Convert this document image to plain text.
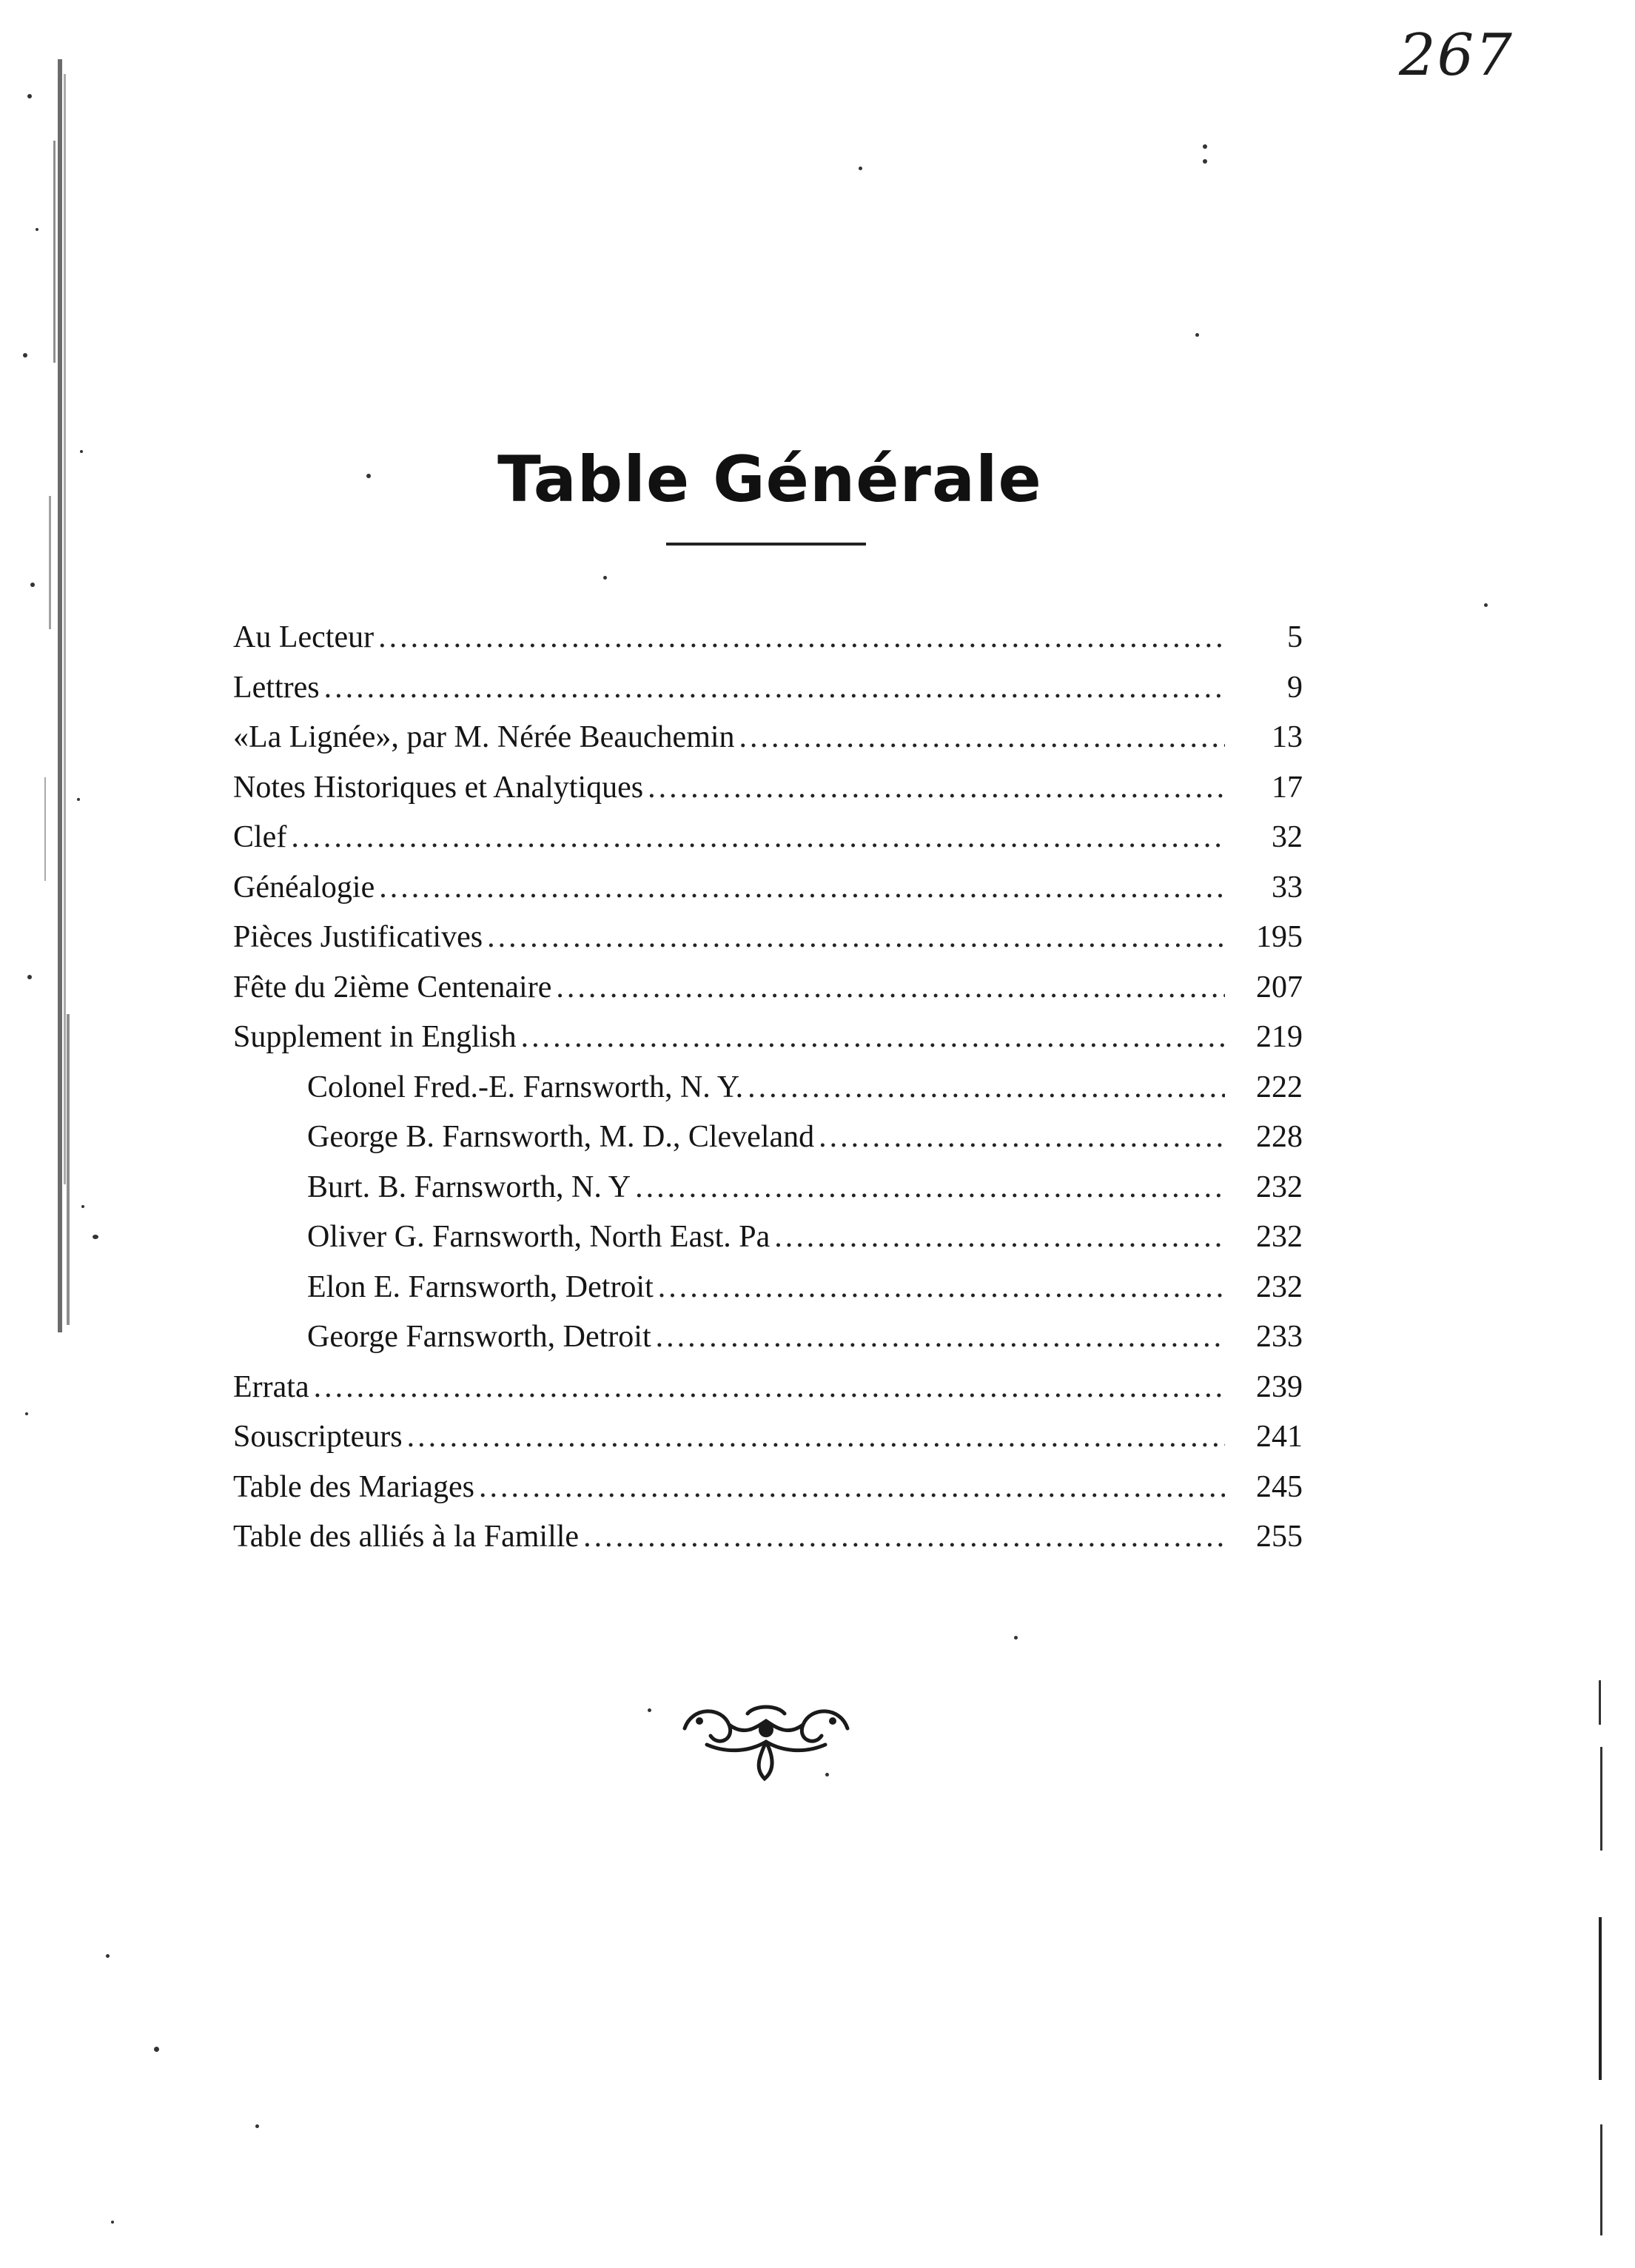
267
Table Générale
Au Lecteur .....	5
Lettres .....	9
«La Lignée», par M. Nérée Beauchemin .....	13
Notes Historiques et Analytiques .....	17
Clef .....	32
Généalogie .....	33
Pièces Justificatives .....	195
Fête du 2ième Centenaire .....	207
Supplement in English .....	219
Colonel Fred.-E. Farnsworth, N. Y. .....	222
George B. Farnsworth, M. D., Cleveland .....	228
Burt. B. Farnsworth, N. Y .....	232
Oliver G. Farnsworth, North East. Pa .....	232
Elon E. Farnsworth, Detroit .....	232
George Farnsworth, Detroit .....	233
Errata .....	239
Souscripteurs .....	241
Table des Mariages .....	245
Table des alliés à la Famille .....	255
